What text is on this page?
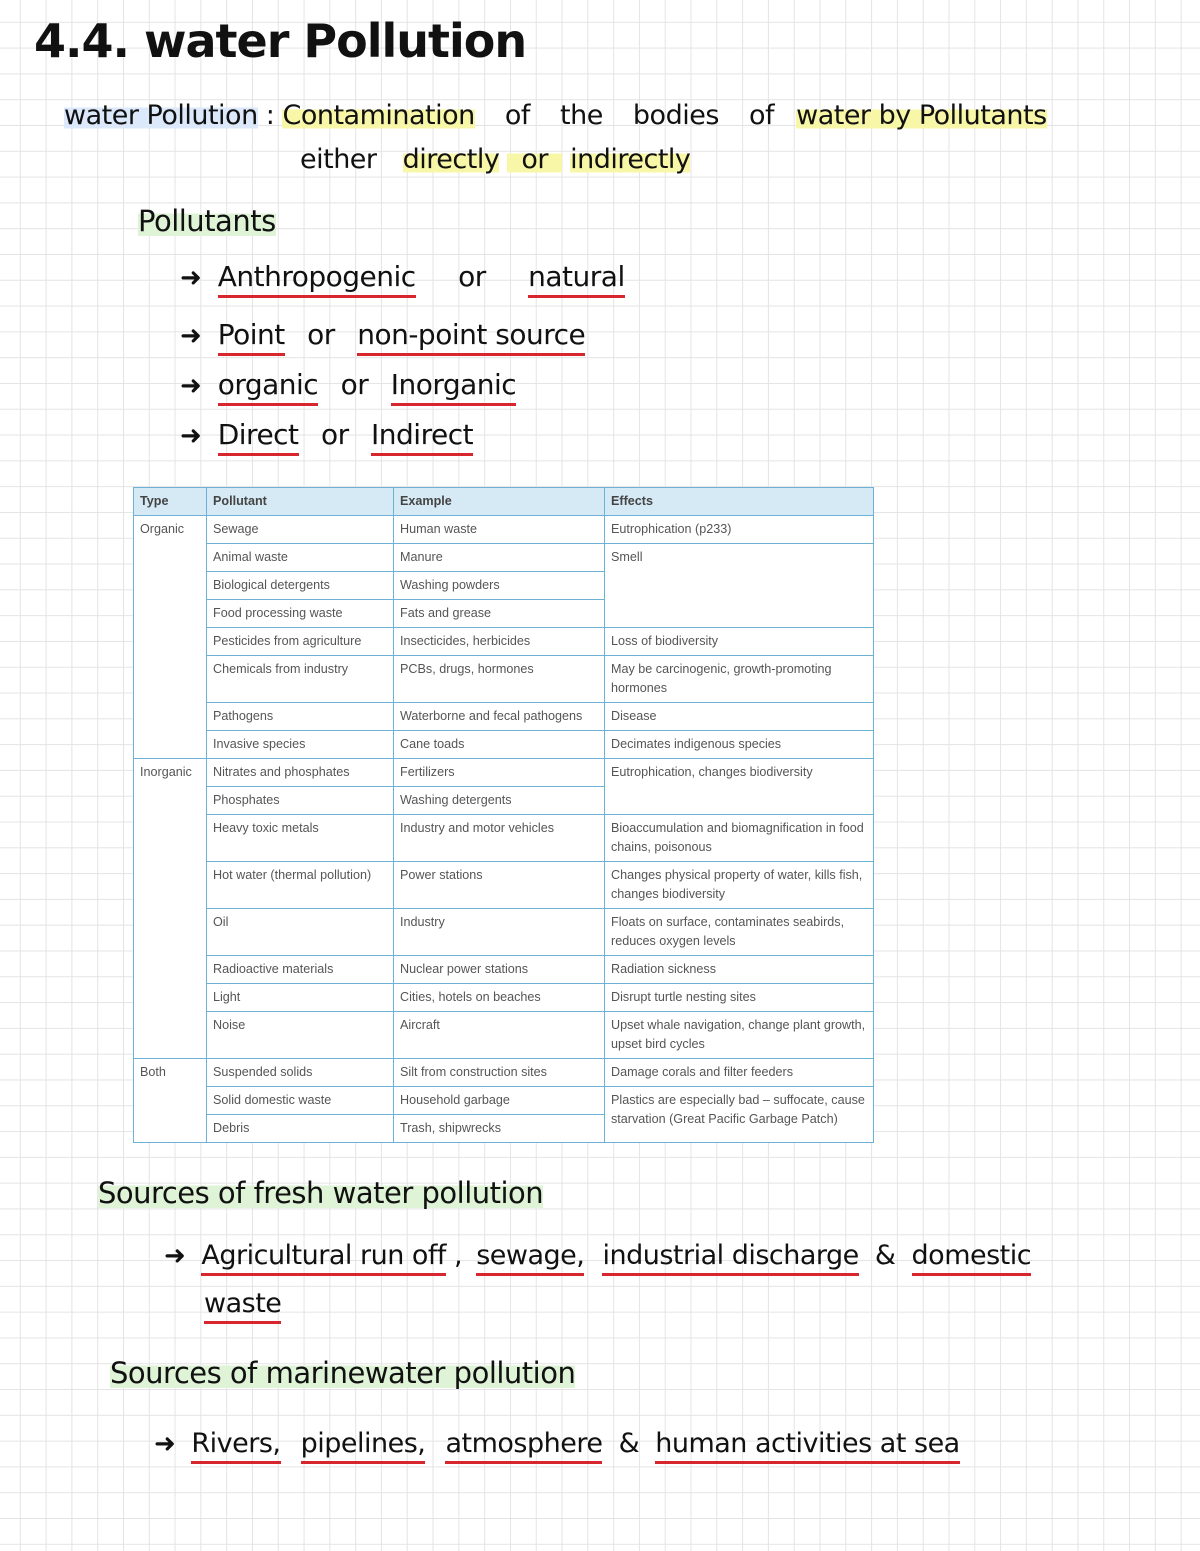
4.4. water Pollution
water Pollution : Contamination of the bodies of water by Pollutants
either directly or indirectly
Pollutants
➜ Anthropogenic or natural
➜ Point or non-point source
➜ organic or Inorganic
➜ Direct or Indirect
Type	Pollutant	Example	Effects
Organic	Sewage	Human waste	Eutrophication (p233)
	Animal waste	Manure	Smell
	Biological detergents	Washing powders	
	Food processing waste	Fats and grease	
	Pesticides from agriculture	Insecticides, herbicides	Loss of biodiversity
	Chemicals from industry	PCBs, drugs, hormones	May be carcinogenic, growth-promoting hormones
	Pathogens	Waterborne and fecal pathogens	Disease
	Invasive species	Cane toads	Decimates indigenous species
Inorganic	Nitrates and phosphates	Fertilizers	Eutrophication, changes biodiversity
	Phosphates	Washing detergents	
	Heavy toxic metals	Industry and motor vehicles	Bioaccumulation and biomagnification in food chains, poisonous
	Hot water (thermal pollution)	Power stations	Changes physical property of water, kills fish, changes biodiversity
	Oil	Industry	Floats on surface, contaminates seabirds, reduces oxygen levels
	Radioactive materials	Nuclear power stations	Radiation sickness
	Light	Cities, hotels on beaches	Disrupt turtle nesting sites
	Noise	Aircraft	Upset whale navigation, change plant growth, upset bird cycles
Both	Suspended solids	Silt from construction sites	Damage corals and filter feeders
	Solid domestic waste	Household garbage	Plastics are especially bad – suffocate, cause starvation (Great Pacific Garbage Patch)
	Debris	Trash, shipwrecks	
Sources of fresh water pollution
➜ Agricultural run off , sewage, industrial discharge & domestic
waste
Sources of marinewater pollution
➜ Rivers, pipelines, atmosphere & human activities at sea
